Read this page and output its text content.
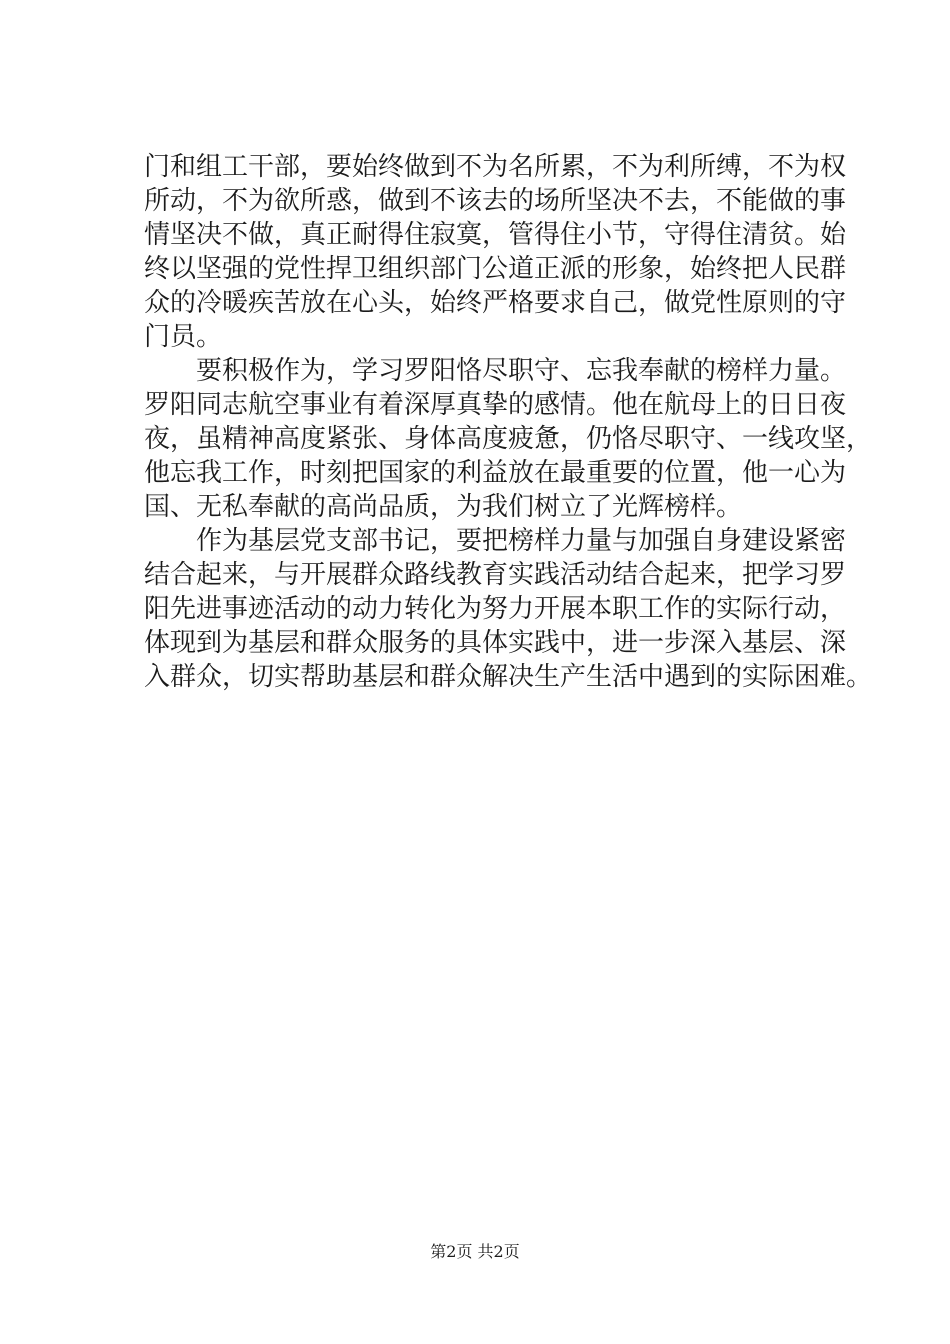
门和组工干部，要始终做到不为名所累，不为利所缚，不为权
所动，不为欲所惑，做到不该去的场所坚决不去，不能做的事
情坚决不做，真正耐得住寂寞，管得住小节，守得住清贫。始
终以坚强的党性捍卫组织部门公道正派的形象，始终把人民群
众的冷暖疾苦放在心头，始终严格要求自己，做党性原则的守
门员。
　　要积极作为，学习罗阳恪尽职守、忘我奉献的榜样力量。
罗阳同志航空事业有着深厚真挚的感情。他在航母上的日日夜
夜，虽精神高度紧张、身体高度疲惫，仍恪尽职守、一线攻坚，
他忘我工作，时刻把国家的利益放在最重要的位置，他一心为
国、无私奉献的高尚品质，为我们树立了光辉榜样。
　　作为基层党支部书记，要把榜样力量与加强自身建设紧密
结合起来，与开展群众路线教育实践活动结合起来，把学习罗
阳先进事迹活动的动力转化为努力开展本职工作的实际行动，
体现到为基层和群众服务的具体实践中，进一步深入基层、深
入群众，切实帮助基层和群众解决生产生活中遇到的实际困难。
第2页 共2页
